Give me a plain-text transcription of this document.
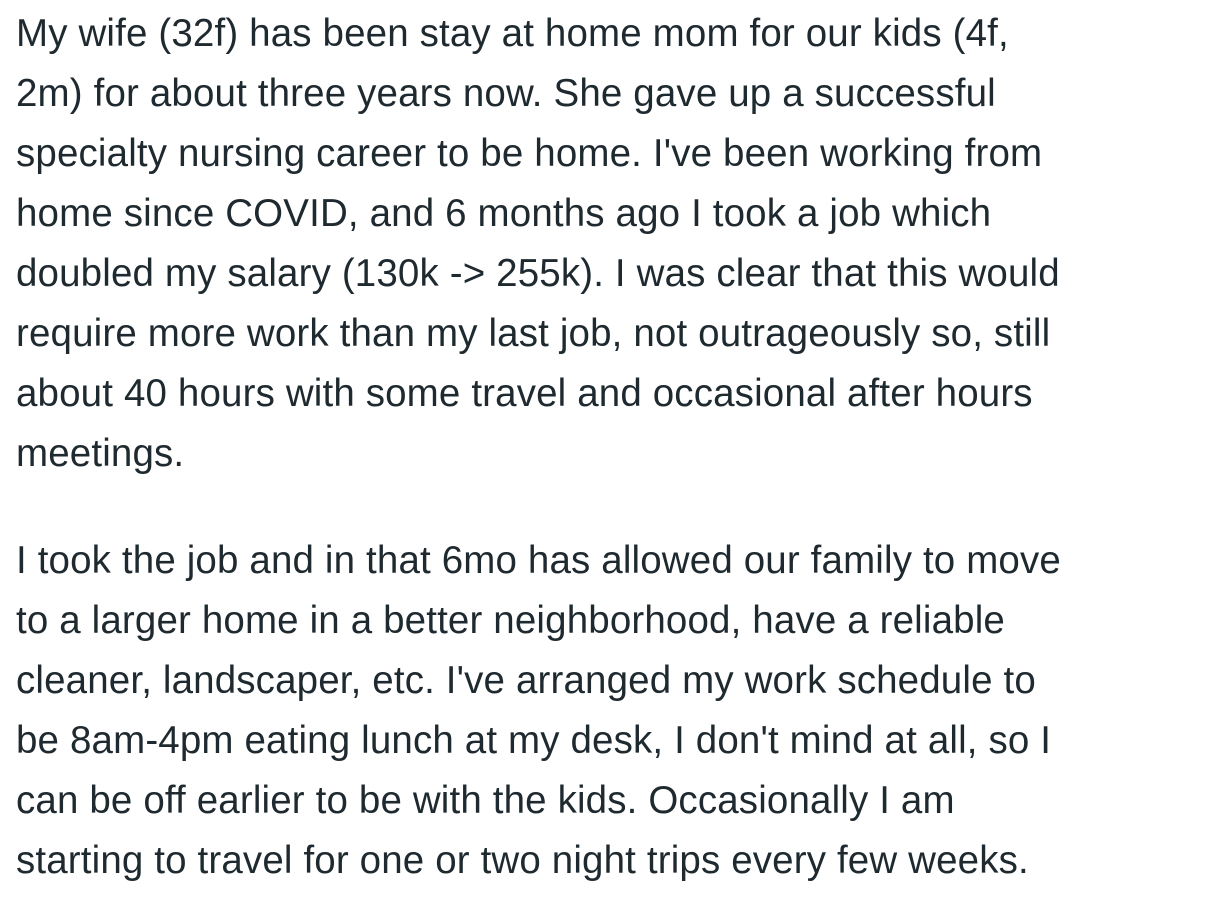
My wife (32f) has been stay at home mom for our kids (4f,
2m) for about three years now. She gave up a successful
specialty nursing career to be home. I've been working from
home since COVID, and 6 months ago I took a job which
doubled my salary (130k -> 255k). I was clear that this would
require more work than my last job, not outrageously so, still
about 40 hours with some travel and occasional after hours
meetings.
I took the job and in that 6mo has allowed our family to move
to a larger home in a better neighborhood, have a reliable
cleaner, landscaper, etc. I've arranged my work schedule to
be 8am-4pm eating lunch at my desk, I don't mind at all, so I
can be off earlier to be with the kids. Occasionally I am
starting to travel for one or two night trips every few weeks.
